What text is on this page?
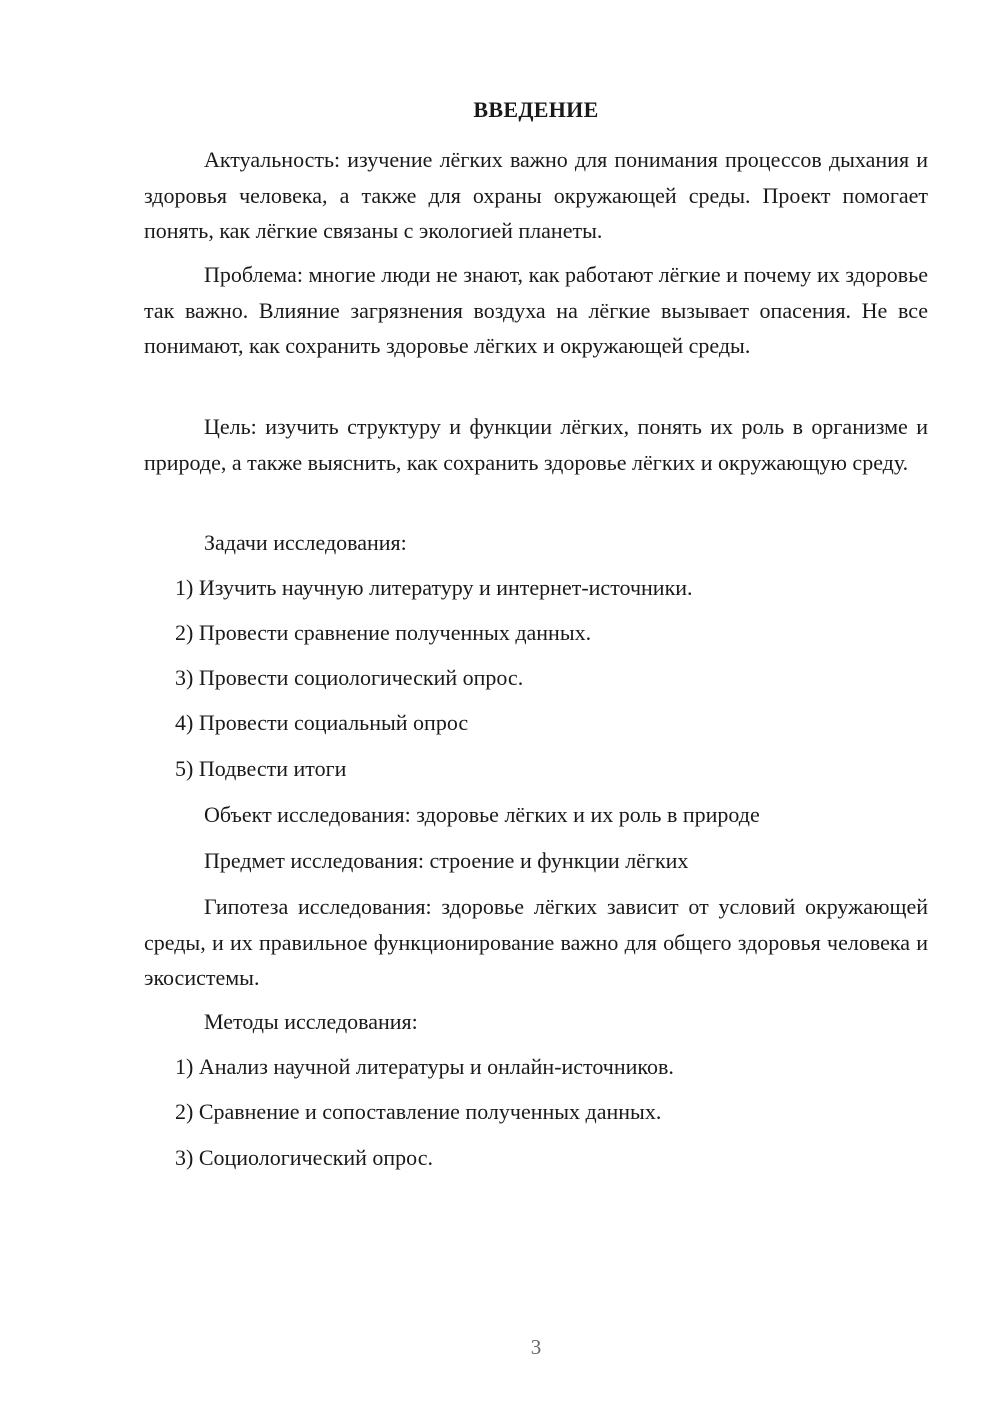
ВВЕДЕНИЕ

Актуальность: изучение лёгких важно для понимания процессов дыхания и здоровья человека, а также для охраны окружающей среды. Проект помогает понять, как лёгкие связаны с экологией планеты.

Проблема: многие люди не знают, как работают лёгкие и почему их здоровье так важно. Влияние загрязнения воздуха на лёгкие вызывает опасения. Не все понимают, как сохранить здоровье лёгких и окружающей среды.

Цель: изучить структуру и функции лёгких, понять их роль в организме и природе, а также выяснить, как сохранить здоровье лёгких и окружающую среду.

Задачи исследования:

1) Изучить научную литературу и интернет-источники.

2) Провести сравнение полученных данных.

3) Провести социологический опрос.

4) Провести социальный опрос

5) Подвести итоги

Объект исследования: здоровье лёгких и их роль в природе

Предмет исследования: строение и функции лёгких

Гипотеза исследования: здоровье лёгких зависит от условий окружающей среды, и их правильное функционирование важно для общего здоровья человека и экосистемы.

Методы исследования:

1) Анализ научной литературы и онлайн-источников.

2) Сравнение и сопоставление полученных данных.

3) Социологический опрос.

3
